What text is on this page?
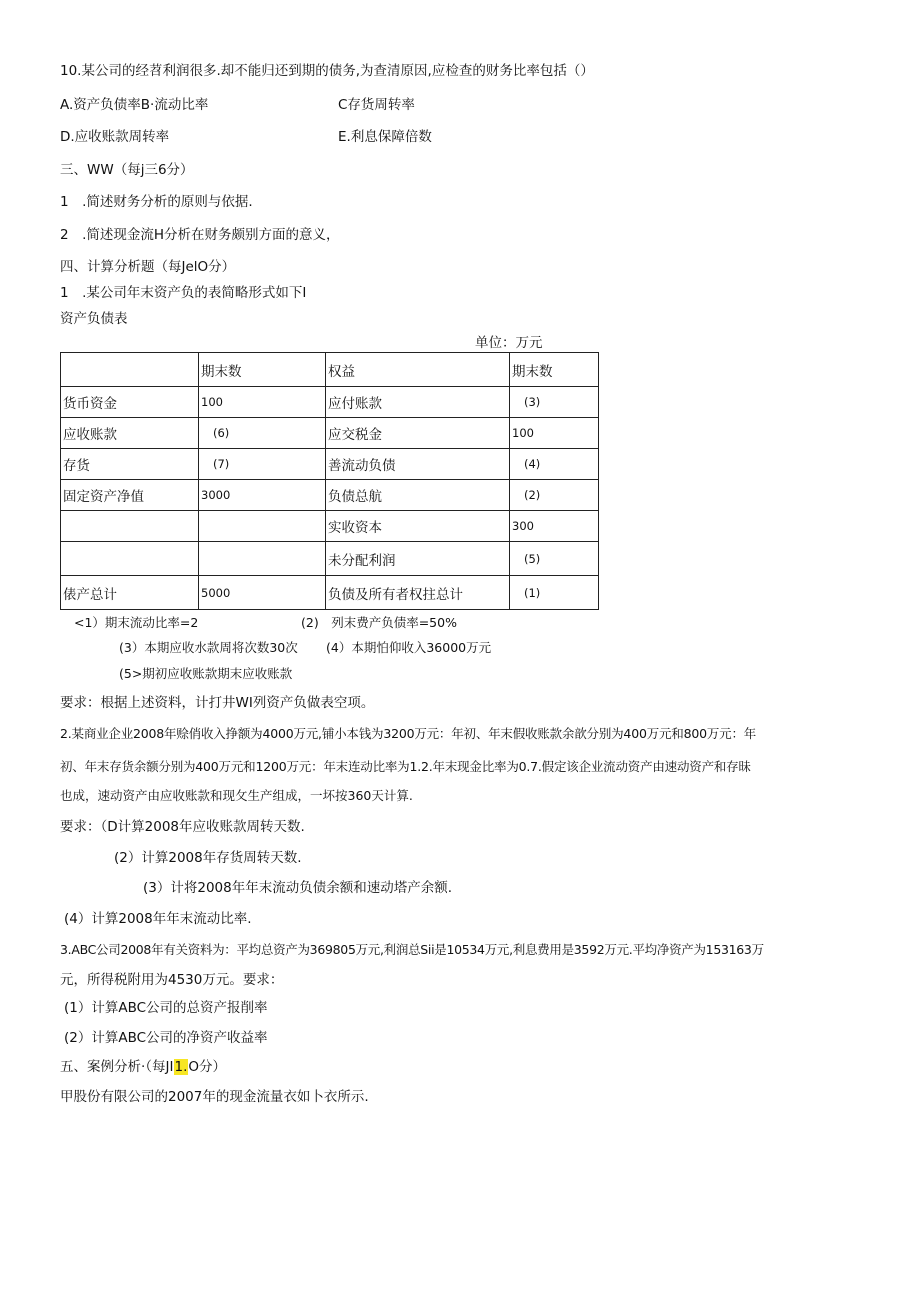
10.某公司的经苕利润很多.却不能归还到期的债务,为查清原因,应检查的财务比率包括（）
A.资产负债率B·流动比率	C存货周转率
D.应收账款周转率	E.利息保障倍数
三、WW（每j三6分）
1　.简述财务分析的原则与依据.
2　.简述现金流H分析在财务颇别方面的意义，
四、计算分析题（每JelO分）
1　.某公司年末资产负的表简略形式如下I
资产负债表
单位：万元
	期末数	权益	期末数
货币资金	100	应付账款	(3)
应收账款	(6)	应交税金	100
存货	(7)	善流动负债	(4)
固定资产净值	3000	负债总航	(2)
		实收资本	300
		未分配利润	(5)
俵产总计	5000	负债及所有者权拄总计	(1)
<1）期末流动比率=2	(2)　列末费产负债率=50%
(3）本期应收水款周将次数30次 (4）本期怕仰收入36000万元
(5>期初应收账款期末应收账款
要求：根据上述资料，计打井WI列资产负做表空项。
2.某商业企业2008年赊俏收入挣额为4000万元,铺小本钱为3200万元：年初、年末假收账款余歆分别为400万元和800万元：年
初、年末存货余额分别为400万元和1200万元：年末连动比率为1.2.年末现金比率为0.7.假定该企业流动资产由速动资产和存昧
也成，速动资产由应收账款和现攵生产组成，一坏按360天计算.
要求：（D计算2008年应收账款周转天数.
(2）计算2008年存货周转天数.
(3）计将2008年年末流动负债余额和速动塔产余额.
(4）计算2008年年末流动比率.
3.ABC公司2008年有关资料为：平均总资产为369805万元,利润总Sii是10534万元,利息费用是3592万元.平均净资产为153163万
元，所得税附用为4530万元。要求：
(1）计算ABC公司的总资产报削率
(2）计算ABC公司的净资产收益率
五、案例分析·（每JI1.O分）
甲股份有限公司的2007年的现金流量衣如卜衣所示.
